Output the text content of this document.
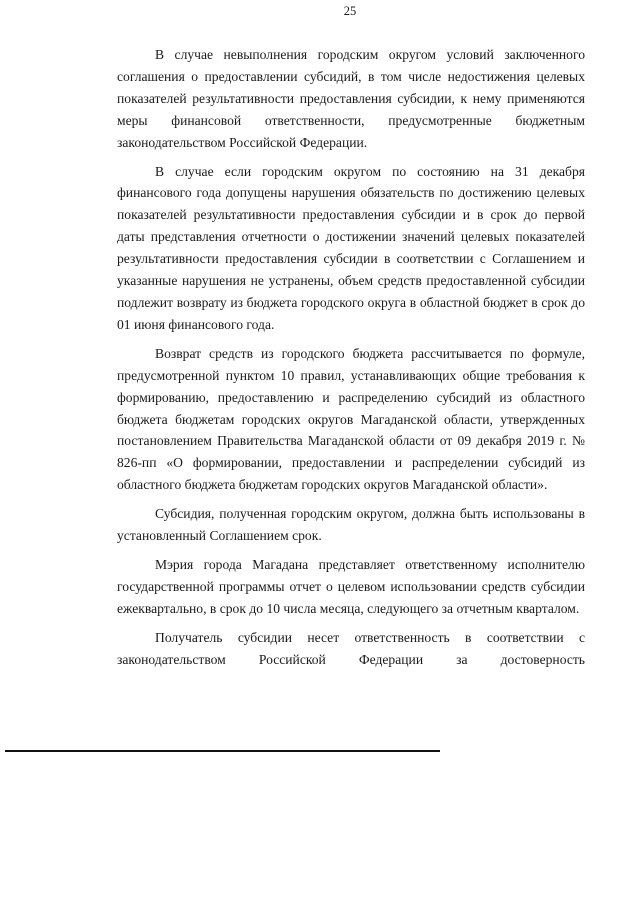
25

В случае невыполнения городским округом условий заключенного соглашения о предоставлении субсидий, в том числе недостижения целевых показателей результативности предоставления субсидии, к нему применяются меры финансовой ответственности, предусмотренные бюджетным законодательством Российской Федерации.

В случае если городским округом по состоянию на 31 декабря финансового года допущены нарушения обязательств по достижению целевых показателей результативности предоставления субсидии и в срок до первой даты представления отчетности о достижении значений целевых показателей результативности предоставления субсидии в соответствии с Соглашением и указанные нарушения не устранены, объем средств предоставленной субсидии подлежит возврату из бюджета городского округа в областной бюджет в срок до 01 июня финансового года.

Возврат средств из городского бюджета рассчитывается по формуле, предусмотренной пунктом 10 правил, устанавливающих общие требования к формированию, предоставлению и распределению субсидий из областного бюджета бюджетам городских округов Магаданской области, утвержденных постановлением Правительства Магаданской области от 09 декабря 2019 г. № 826-пп «О формировании, предоставлении и распределении субсидий из областного бюджета бюджетам городских округов Магаданской области».

Субсидия, полученная городским округом, должна быть использованы в установленный Соглашением срок.

Мэрия города Магадана представляет ответственному исполнителю государственной программы отчет о целевом использовании средств субсидии ежеквартально, в срок до 10 числа месяца, следующего за отчетным кварталом.

Получатель субсидии несет ответственность в соответствии с законодательством Российской Федерации за достоверность
